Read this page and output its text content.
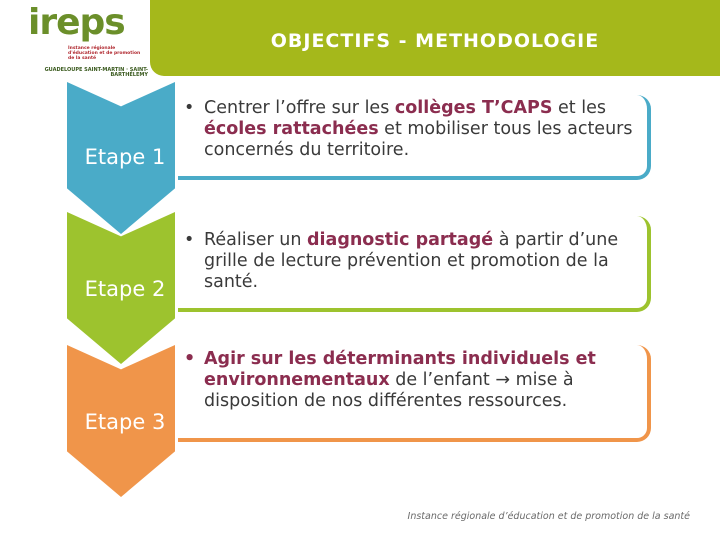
ireps
Instance régionale d'éducation et de promotion de la santé
GUADELOUPE SAINT-MARTIN · SAINT-BARTHÉLEMY
OBJECTIFS - METHODOLOGIE
Etape 1
Etape 2
Etape 3
• Centrer l’offre sur les collèges T’CAPS et les écoles rattachées et mobiliser tous les acteurs concernés du territoire.
• Réaliser un diagnostic partagé à partir d’une grille de lecture prévention et promotion de la santé.
• Agir sur les déterminants individuels et environnementaux de l’enfant → mise à disposition de nos différentes ressources.
Instance régionale d’éducation et de promotion de la santé
